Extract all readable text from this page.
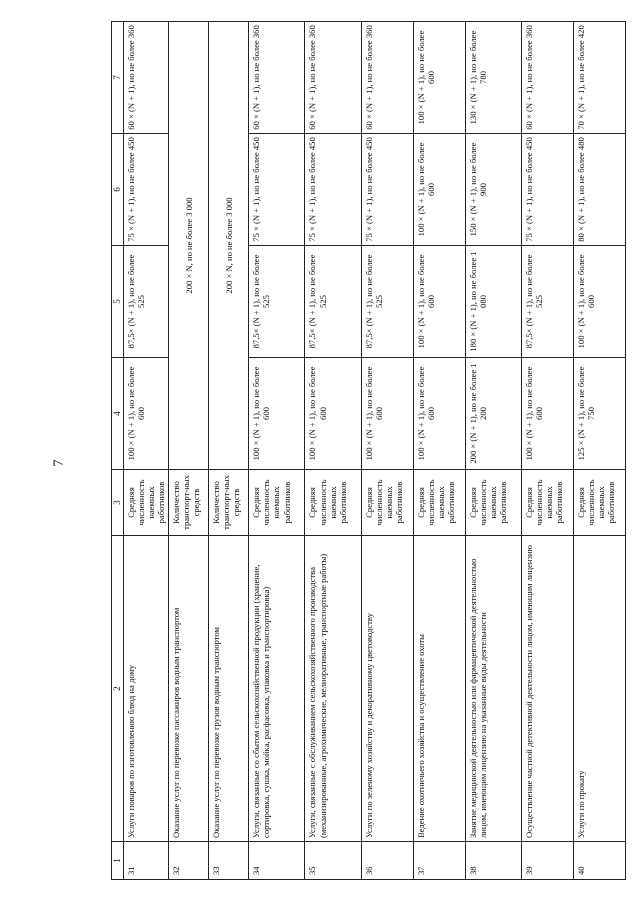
7
1	2	3	4	5	6	7
31	Услуги поваров по изготовлению блюд на дому	Средняя численность наемных работников	100 × (N + 1), но не более 600	87,5× (N + 1), но не более 525	75 × (N + 1), но не более 450	60 × (N + 1), но не более 360
32	Оказание услуг по перевозке пассажиров водным транспортом	Количество транспорт-ных средств	200 × N, но не более 3 000			
33	Оказание услуг по перевозке грузов водным транспортом	Количество транспорт-ных средств	200 × N, но не более 3 000			
34	Услуги, связанные со сбытом сельскохозяйственной продукции (хранение, сортировка, сушка, мойка, расфасовка, упаковка и транспортировка)	Средняя численность наемных работников	100 × (N + 1), но не более 600	87,5× (N + 1), но не более 525	75 × (N + 1), но не более 450	60 × (N + 1), но не более 360
35	Услуги, связанные с обслуживанием сельскохозяйственного производства (механизированные, агрохимические, мелиоративные, транспортные работы)	Средняя численность наемных работников	100 × (N + 1), но не более 600	87,5× (N + 1), но не более 525	75 × (N + 1), но не более 450	60 × (N + 1), но не более 360
36	Услуги по зеленому хозяйству и декоративному цветоводству	Средняя численность наемных работников	100 × (N + 1), но не более 600	87,5× (N + 1), но не более 525	75 × (N + 1), но не более 450	60 × (N + 1), но не более 360
37	Ведение охотничьего хозяйства и осуществление охоты	Средняя численность наемных работников	100 × (N + 1), но не более 600	100 × (N + 1), но не более 600	100 × (N + 1), но не более 600	100 × (N + 1), но не более 600
38	Занятие медицинской деятельностью или фармацевтической деятельностью лицом, имеющим лицензию на указанные виды деятельности	Средняя численность наемных работников	200 × (N + 1), но не более 1 200	180 × (N + 1), но не более 1 080	150 × (N + 1), но не более 900	130 × (N + 1), но не более 780
39	Осуществление частной детективной деятельности лицом, имеющим лицензию	Средняя численность наемных работников	100 × (N + 1), но не более 600	87,5× (N + 1), но не более 525	75 × (N + 1), но не более 450	60 × (N + 1), но не более 360
40	Услуги по прокату	Средняя численность наемных работников	125 × (N + 1), но не более 750	100 × (N + 1), но не более 600	80 × (N + 1), но не более 480	70 × (N + 1), но не более 420
